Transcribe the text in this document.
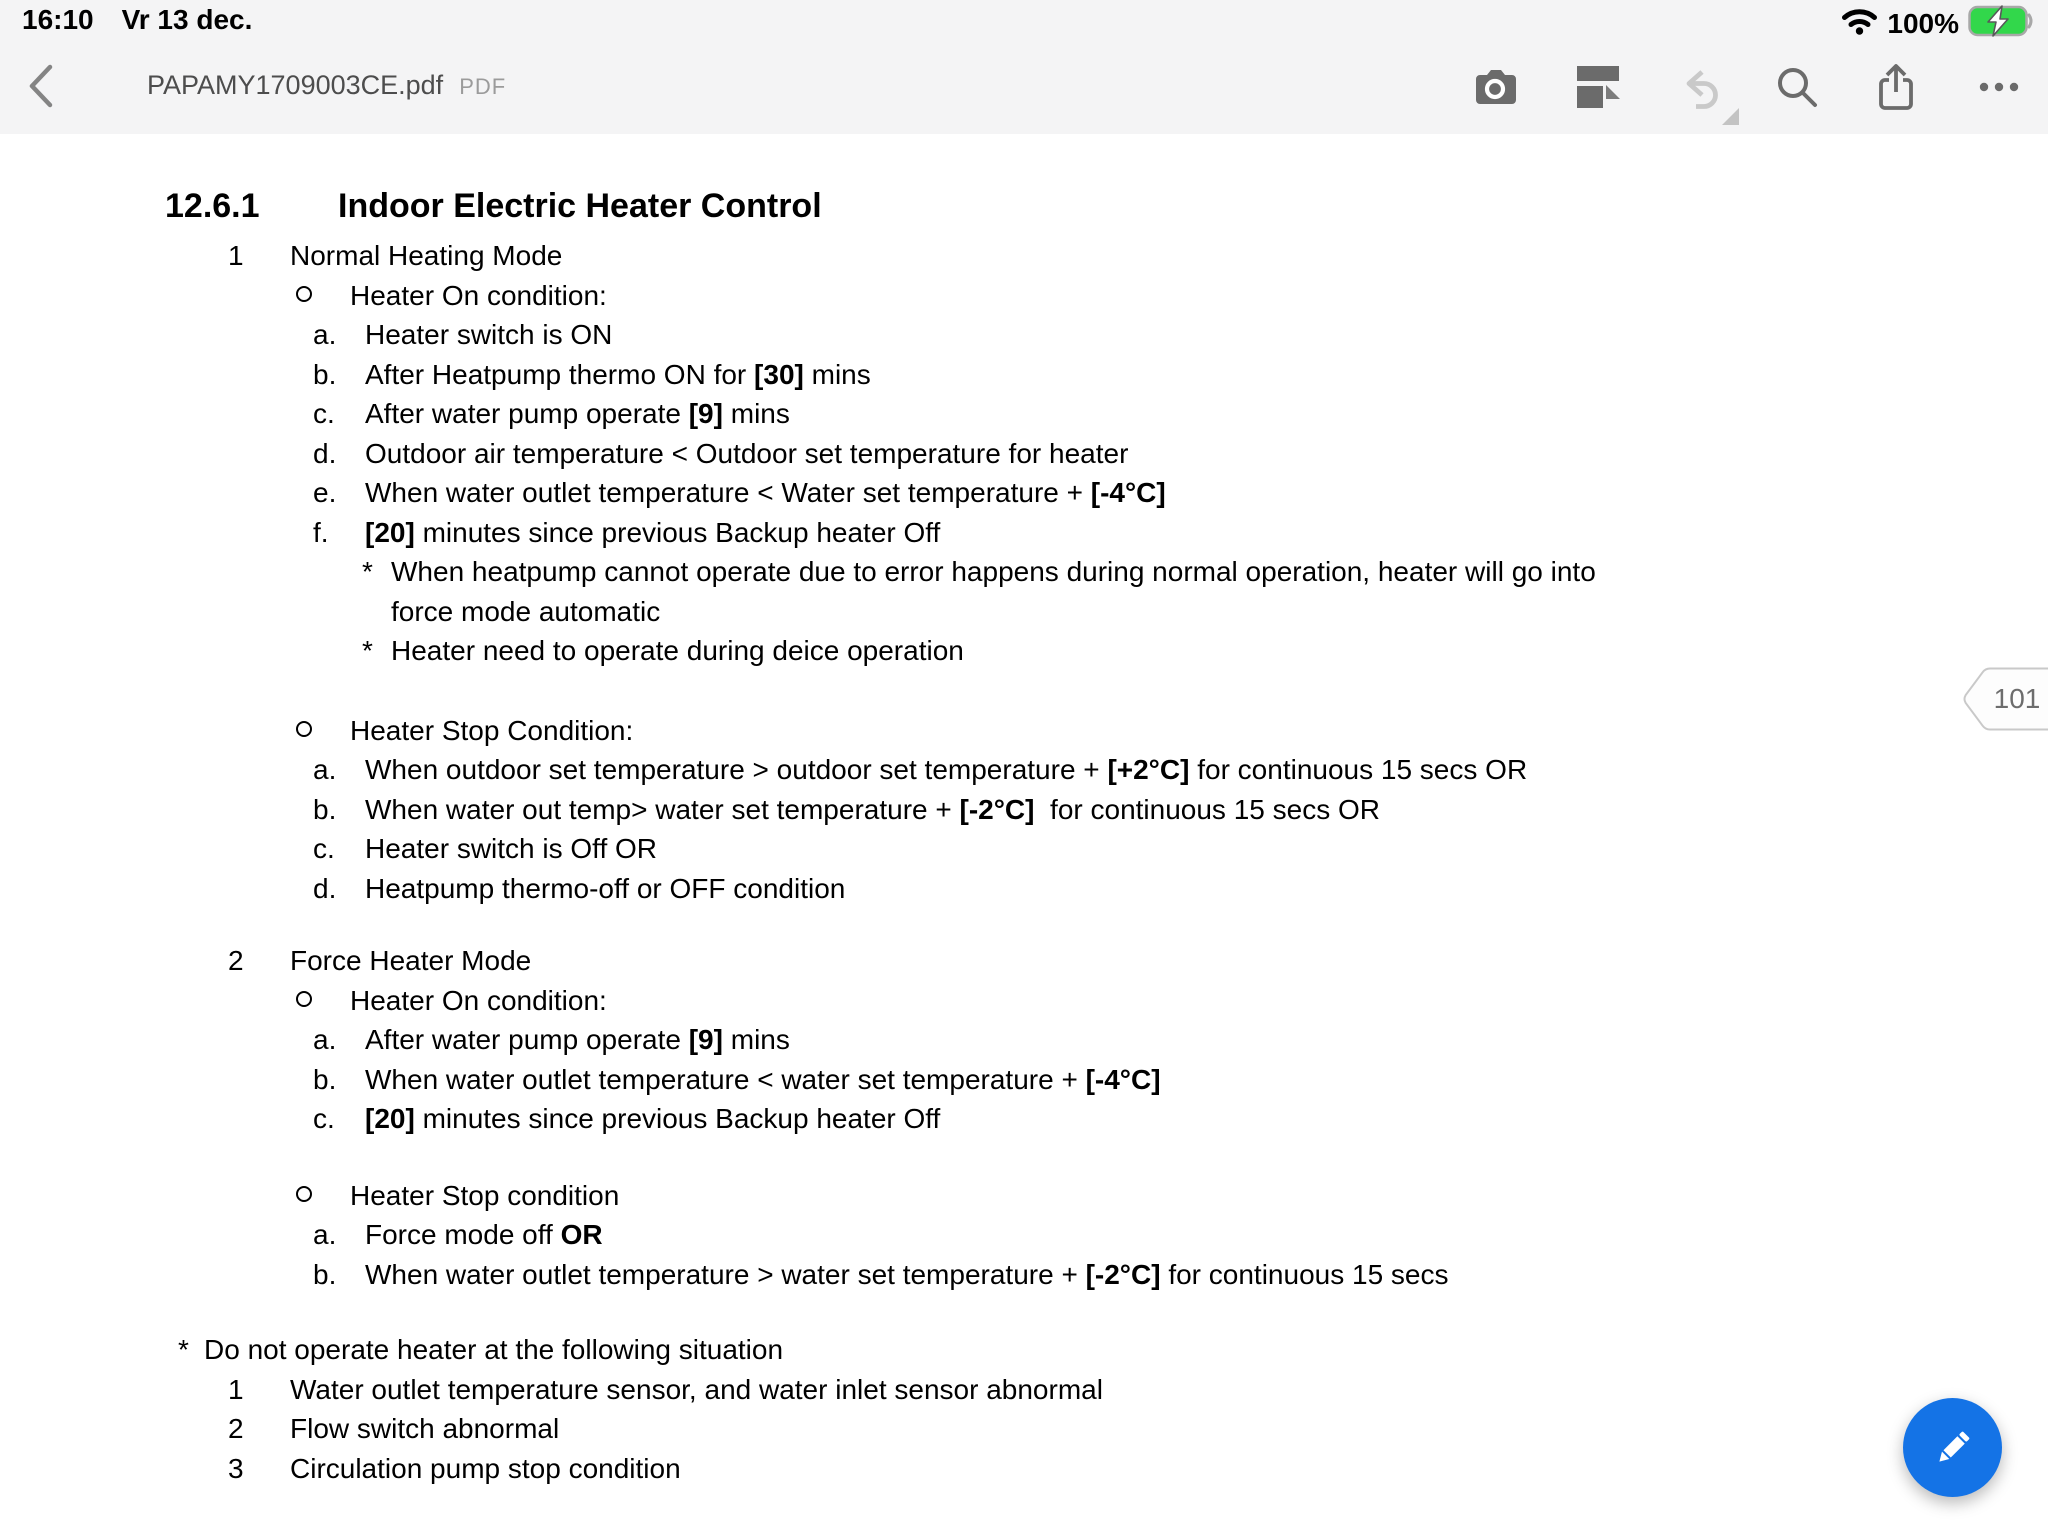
16:10 Vr 13 dec.	100%
PAPAMY1709003CE.pdf PDF
12.6.1 Indoor Electric Heater Control
1 Normal Heating Mode
Heater On condition:
a. Heater switch is ON
b. After Heatpump thermo ON for [30] mins
c. After water pump operate [9] mins
d. Outdoor air temperature < Outdoor set temperature for heater
e. When water outlet temperature < Water set temperature + [-4°C]
f. [20] minutes since previous Backup heater Off
* When heatpump cannot operate due to error happens during normal operation, heater will go into
force mode automatic
* Heater need to operate during deice operation
Heater Stop Condition:
a. When outdoor set temperature > outdoor set temperature + [+2°C] for continuous 15 secs OR
b. When water out temp> water set temperature + [-2°C]  for continuous 15 secs OR
c. Heater switch is Off OR
d. Heatpump thermo-off or OFF condition
2 Force Heater Mode
Heater On condition:
a. After water pump operate [9] mins
b. When water outlet temperature < water set temperature + [-4°C]
c. [20] minutes since previous Backup heater Off
Heater Stop condition
a. Force mode off OR
b. When water outlet temperature > water set temperature + [-2°C] for continuous 15 secs
* Do not operate heater at the following situation
1 Water outlet temperature sensor, and water inlet sensor abnormal
2 Flow switch abnormal
3 Circulation pump stop condition
101
